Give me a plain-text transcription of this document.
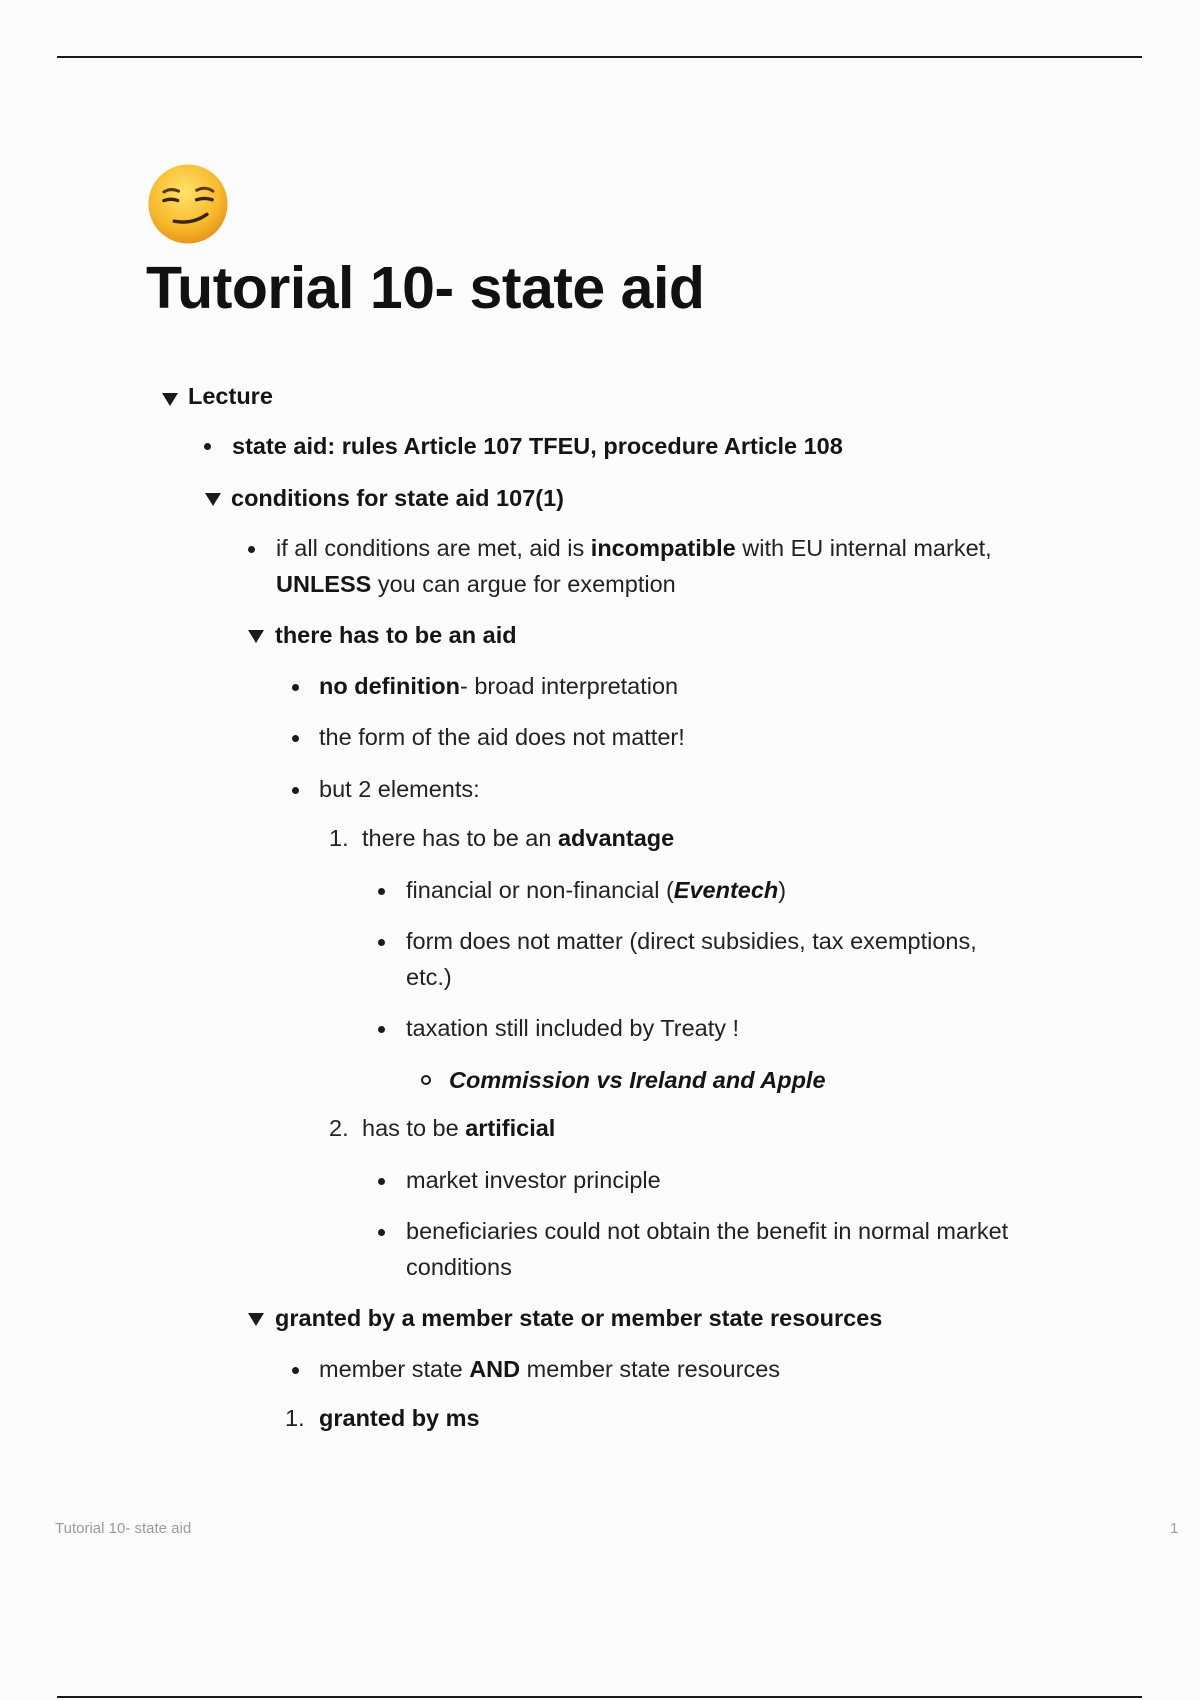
Tutorial 10- state aid
Lecture
state aid: rules Article 107 TFEU, procedure Article 108
conditions for state aid 107(1)
if all conditions are met, aid is incompatible with EU internal market,
UNLESS you can argue for exemption
there has to be an aid
no definition- broad interpretation
the form of the aid does not matter!
but 2 elements:
1. there has to be an advantage
financial or non-financial (Eventech)
form does not matter (direct subsidies, tax exemptions,
etc.)
taxation still included by Treaty !
Commission vs Ireland and Apple
2. has to be artificial
market investor principle
beneficiaries could not obtain the benefit in normal market
conditions
granted by a member state or member state resources
member state AND member state resources
1. granted by ms
Tutorial 10- state aid	1
